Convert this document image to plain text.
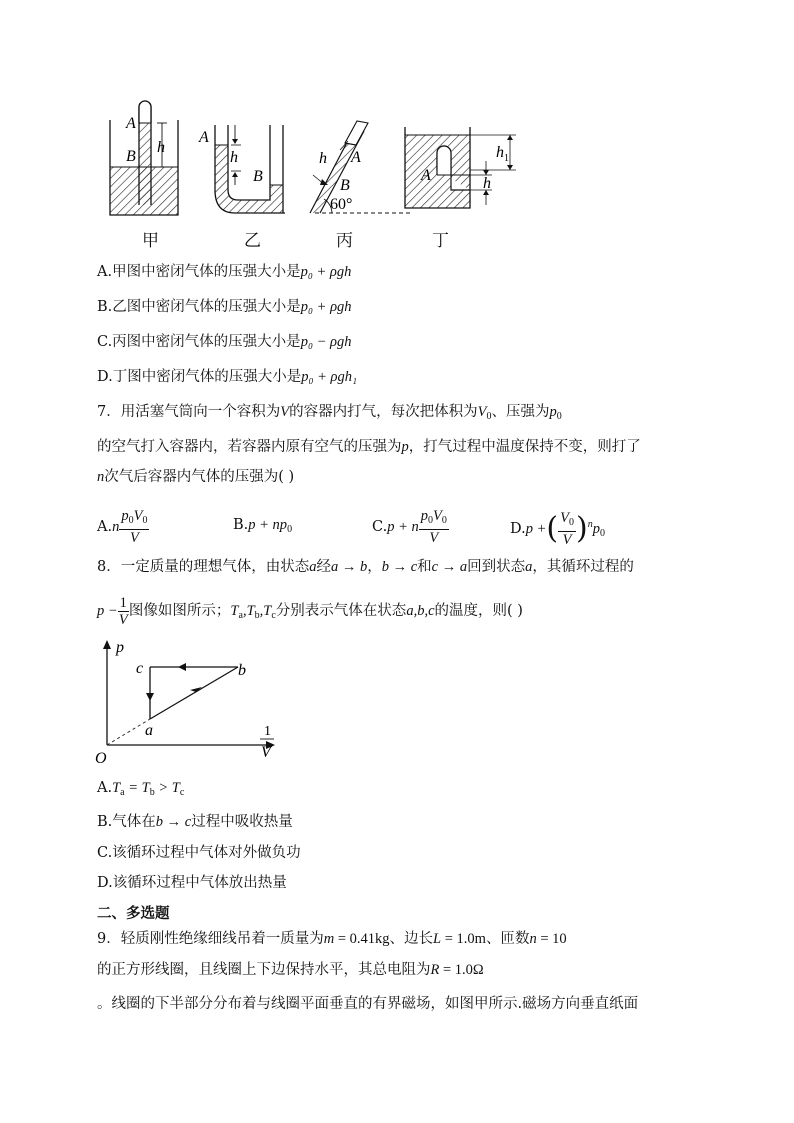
A
B
h
A
h
B
h A
B
60°
A	h
$h_1$
甲	乙	丙	丁
A.甲图中密闭气体的压强大小是p₀ + ρgh
B.乙图中密闭气体的压强大小是p₀ + ρgh
C.丙图中密闭气体的压强大小是p₀ − ρgh
D.丁图中密闭气体的压强大小是p₀ + ρgh₁
7．用活塞气筒向一个容积为V的容器内打气，每次把体积为$V_0$、压强为$p_0$
的空气打入容器内，若容器内原有空气的压强为p，打气过程中温度保持不变，则打了
n次气后容器内气体的压强为( )
$A.n \frac{p_0V_0}{V}$	$B.p + np_0$	C.p + n $\frac{p_0V_0}{V}$	D.p +( $\frac{V_0}{V} )^np_0$
8．一定质量的理想气体，由状态a经a → b，b → c和c → a回到状态a，其循环过程的
$p - \frac{1}{V}$ 图像如图所示；$T_a,T_b,T_c$分别表示气体在状态a,b,c的温度，则( )
p
c	b
a
O
1
V
$A.T_a = T_b > T_c$
B.气体在b → c过程中吸收热量
C.该循环过程中气体对外做负功
D.该循环过程中气体放出热量
二、多选题
9．轻质刚性绝缘细线吊着一质量为m = 0.41kg、边长L = 1.0m、匝数n = 10
的正方形线圈，且线圈上下边保持水平，其总电阻为R = 1.0Ω
。线圈的下半部分分布着与线圈平面垂直的有界磁场，如图甲所示.磁场方向垂直纸面
